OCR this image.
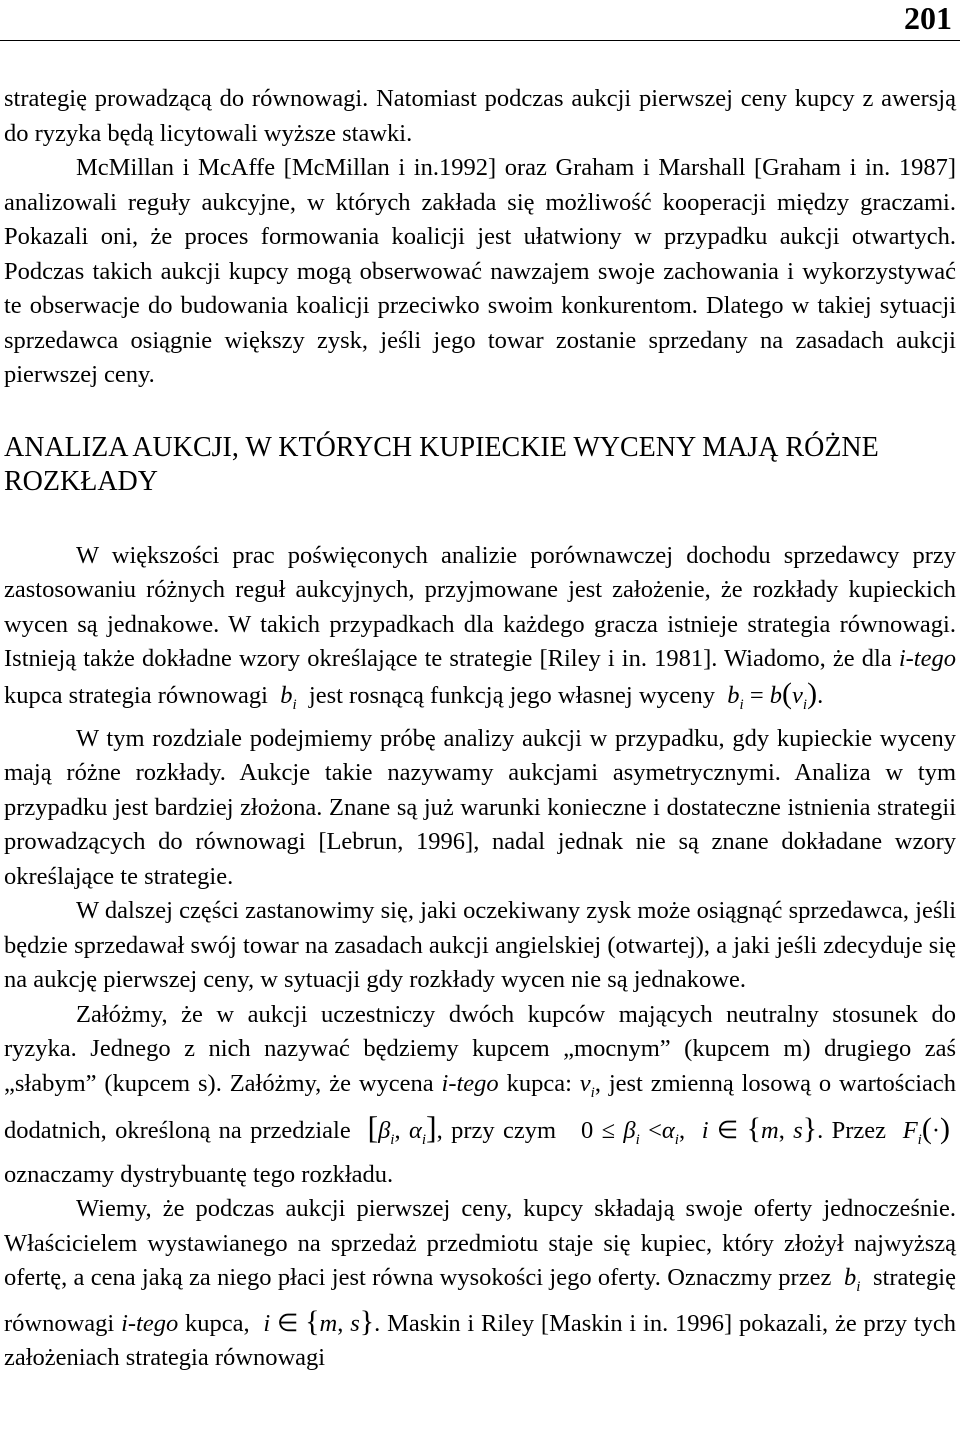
201

strategię prowadzącą do równowagi. Natomiast podczas aukcji pierwszej ceny kupcy z awersją do ryzyka będą licytowali wyższe stawki.

McMillan i McAffe [McMillan i in.1992] oraz Graham i Marshall [Graham i in. 1987] analizowali reguły aukcyjne, w których zakłada się możliwość kooperacji między graczami. Pokazali oni, że proces formowania koalicji jest ułatwiony w przypadku aukcji otwartych. Podczas takich aukcji kupcy mogą obserwować nawzajem swoje zachowania i wykorzystywać te obserwacje do budowania koalicji przeciwko swoim konkurentom. Dlatego w takiej sytuacji sprzedawca osiągnie większy zysk, jeśli jego towar zostanie sprzedany na zasadach aukcji pierwszej ceny.

ANALIZA AUKCJI, W KTÓRYCH KUPIECKIE WYCENY MAJĄ RÓŻNE ROZKŁADY

W większości prac poświęconych analizie porównawczej dochodu sprzedawcy przy zastosowaniu różnych reguł aukcyjnych, przyjmowane jest założenie, że rozkłady kupieckich wycen są jednakowe. W takich przypadkach dla każdego gracza istnieje strategia równowagi. Istnieją także dokładne wzory określające te strategie [Riley i in. 1981]. Wiadomo, że dla i-tego kupca strategia równowagi $b_i$ jest rosnącą funkcją jego własnej wyceny $b_i = b(v_i)$.

W tym rozdziale podejmiemy próbę analizy aukcji w przypadku, gdy kupieckie wyceny mają różne rozkłady. Aukcje takie nazywamy aukcjami asymetrycznymi. Analiza w tym przypadku jest bardziej złożona. Znane są już warunki konieczne i dostateczne istnienia strategii prowadzących do równowagi [Lebrun, 1996], nadal jednak nie są znane dokładane wzory określające te strategie.

W dalszej części zastanowimy się, jaki oczekiwany zysk może osiągnąć sprzedawca, jeśli będzie sprzedawał swój towar na zasadach aukcji angielskiej (otwartej), a jaki jeśli zdecyduje się na aukcję pierwszej ceny, w sytuacji gdy rozkłady wycen nie są jednakowe.

Załóżmy, że w aukcji uczestniczy dwóch kupców mających neutralny stosunek do ryzyka. Jednego z nich nazywać będziemy kupcem „mocnym” (kupcem m) drugiego zaś „słabym” (kupcem s). Załóżmy, że wycena i-tego kupca: $v_i$, jest zmienną losową o wartościach dodatnich, określoną na przedziale [$\beta_i$, $\alpha_i$], przy czym   $0 \le \beta_i <\alpha_i$,  i ∈ {m, s}. Przez $F_i(\cdot)$  oznaczamy dystrybuantę tego rozkładu.

Wiemy, że podczas aukcji pierwszej ceny, kupcy składają swoje oferty jednocześnie. Właścicielem wystawianego na sprzedaż przedmiotu staje się kupiec, który złożył najwyższą ofertę, a cena jaką za niego płaci jest równa wysokości jego oferty. Oznaczmy przez $b_i$ strategię równowagi i-tego kupca, i ∈ {m, s}. Maskin i Riley [Maskin i in. 1996] pokazali, że przy tych założeniach strategia równowagi
